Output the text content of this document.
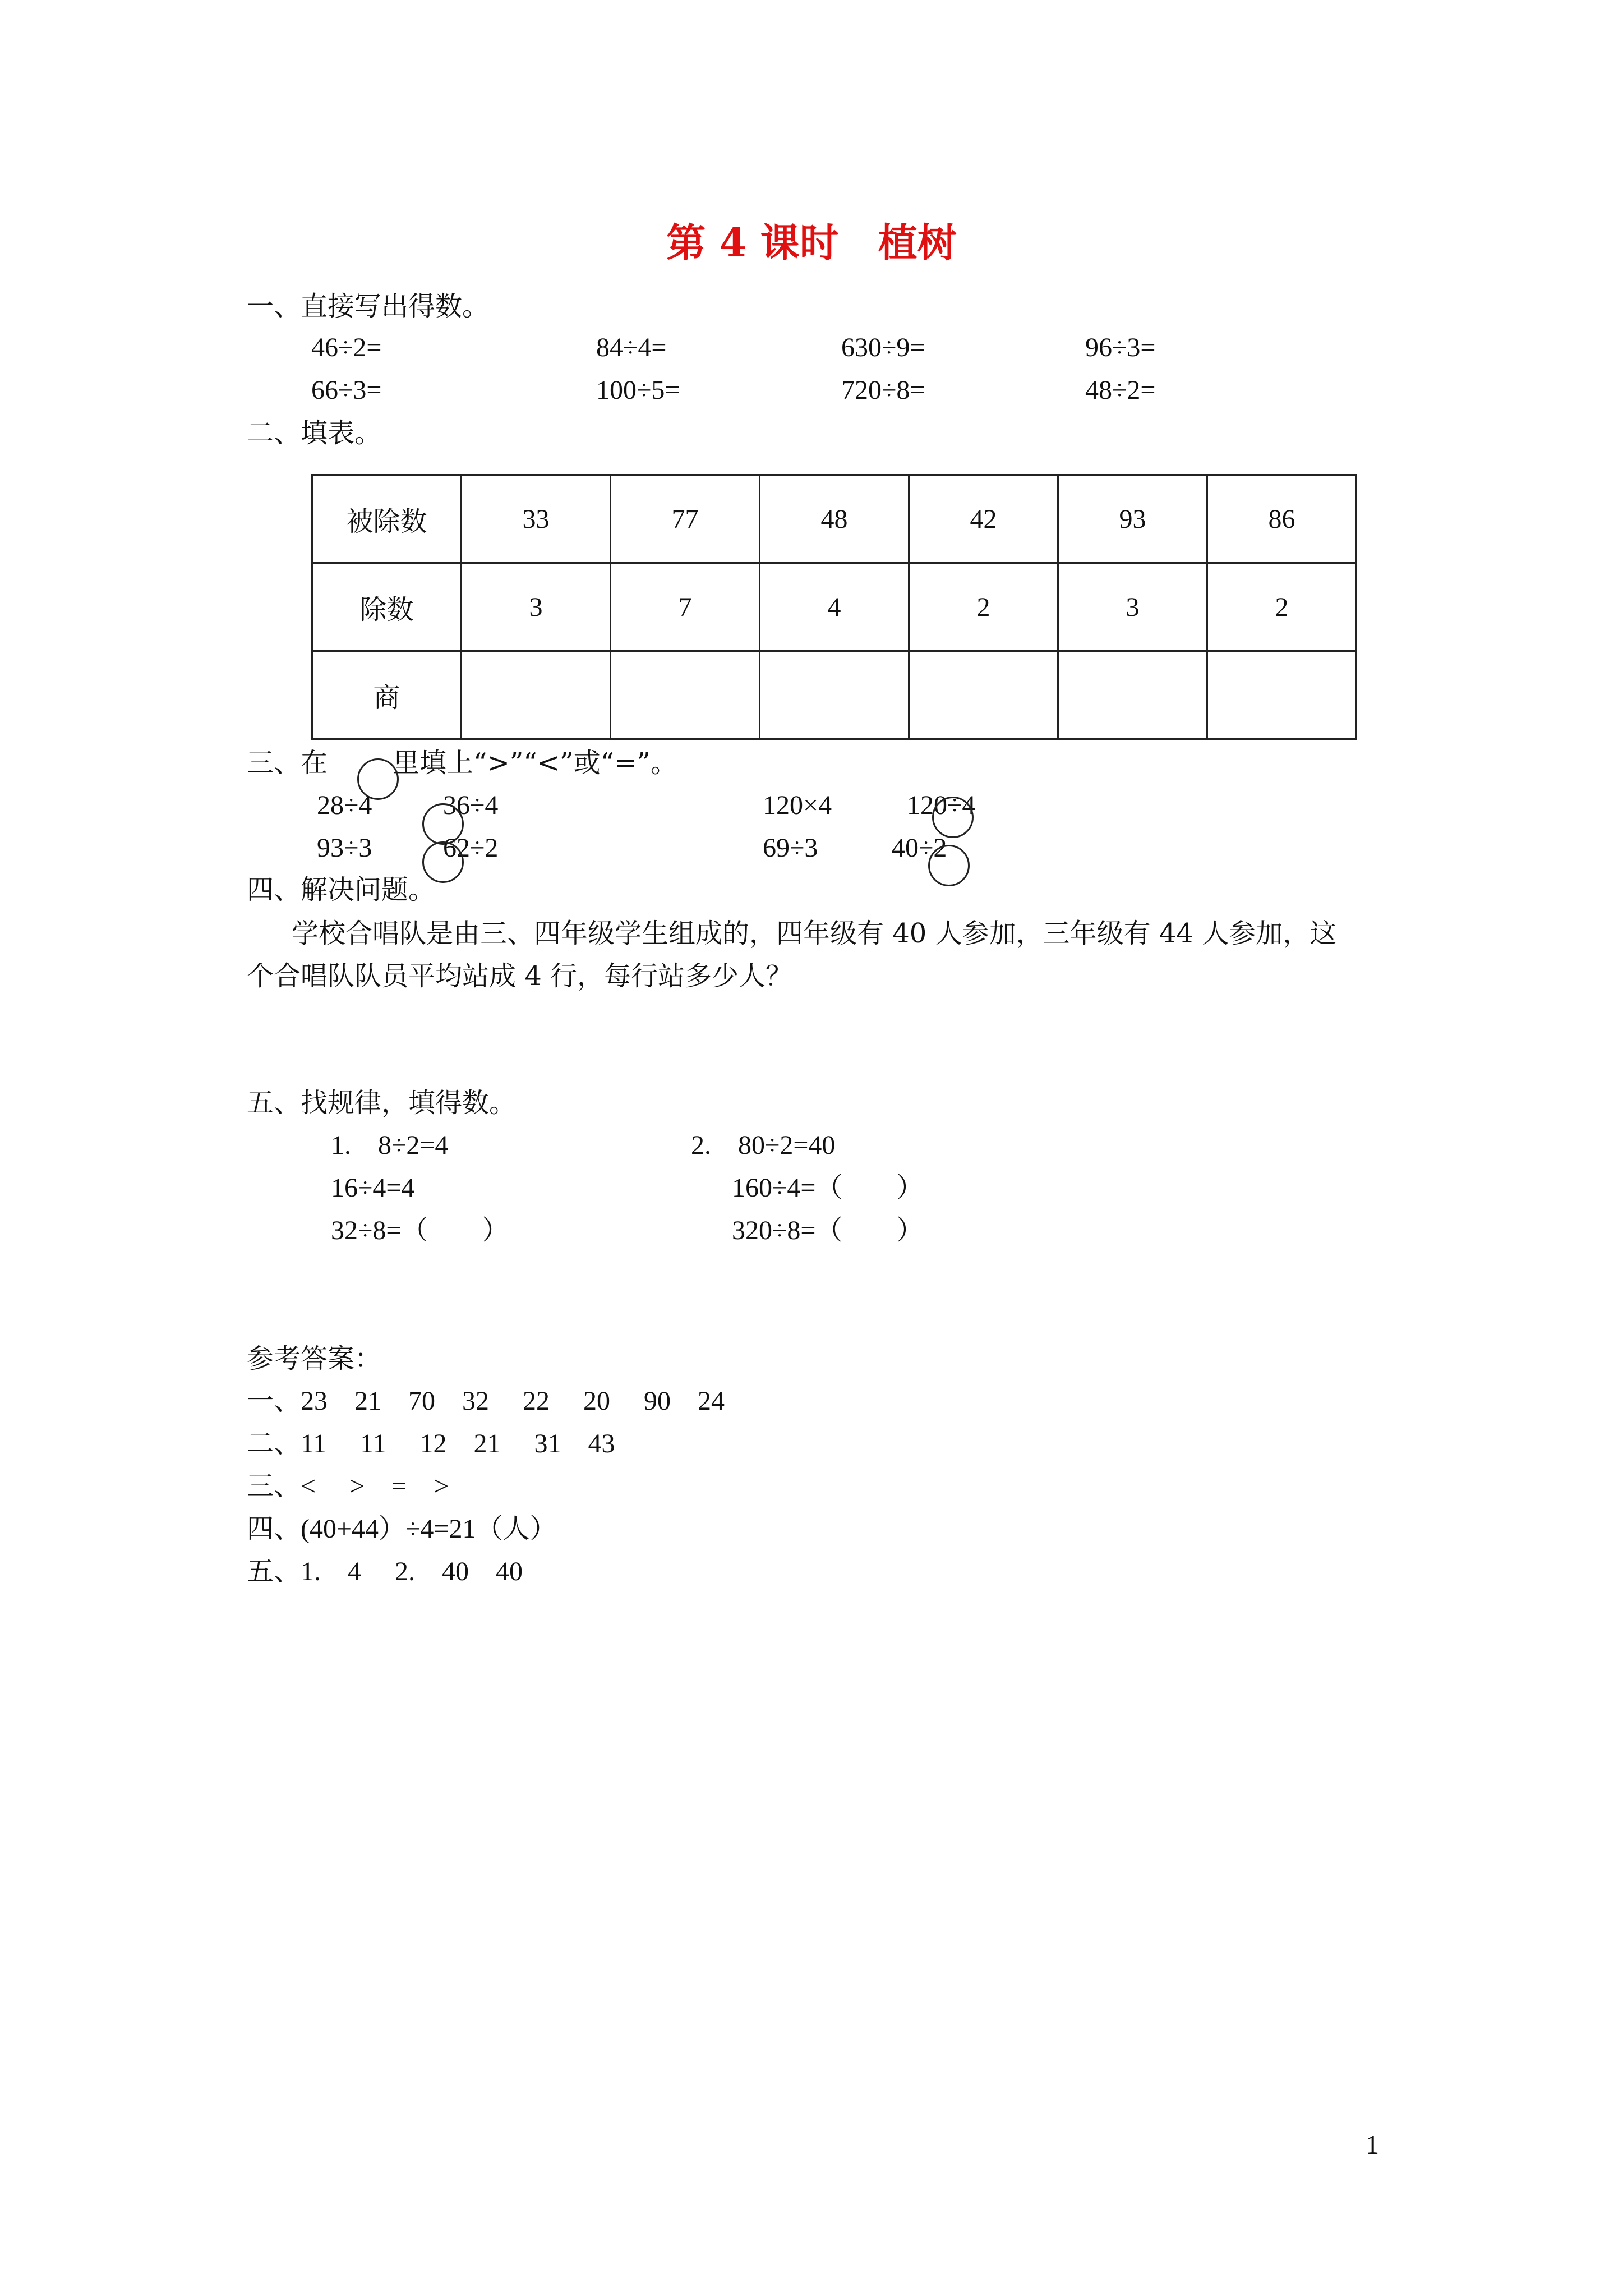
第 4 课时　植树
一、直接写出得数。
46÷2=	84÷4=	630÷9=	96÷3=
66÷3=	100÷5=	720÷8=	48÷2=
二、填表。
被除数	33	77	48	42	93	86
除数	3	7	4	2	3	2
商						
三、在 里填上“>”“<”或“=”。
28÷4	36÷4	120×4	120÷4
93÷3	62÷2	69÷3	40÷2
四、解决问题。
学校合唱队是由三、四年级学生组成的，四年级有 40 人参加，三年级有 44 人参加，这
个合唱队队员平均站成 4 行，每行站多少人？
五、找规律，填得数。
1.　8÷2=4
16÷4=4
32÷8=（　　）
2.　80÷2=40
160÷4=（　　）
320÷8=（　　）
参考答案：
一、23　21　70　32　 22　 20　 90　24
二、11　 11　 12　21　 31　43
三、<　 >　=　>
四、(40+44）÷4=21（人）
五、1.　4　 2.　40　40
1
